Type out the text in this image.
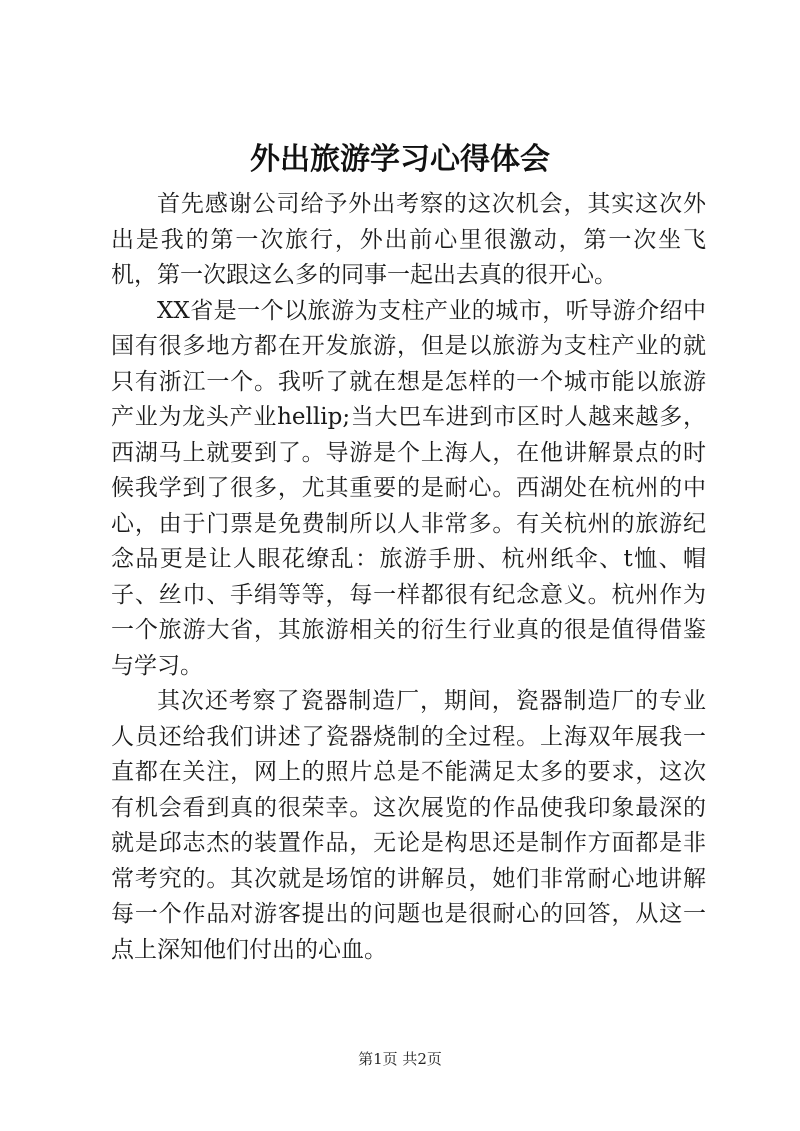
外出旅游学习心得体会

首先感谢公司给予外出考察的这次机会，其实这次外出是我的第一次旅行，外出前心里很激动，第一次坐飞机，第一次跟这么多的同事一起出去真的很开心。

XX省是一个以旅游为支柱产业的城市，听导游介绍中国有很多地方都在开发旅游，但是以旅游为支柱产业的就只有浙江一个。我听了就在想是怎样的一个城市能以旅游产业为龙头产业hellip;当大巴车进到市区时人越来越多，西湖马上就要到了。导游是个上海人，在他讲解景点的时候我学到了很多，尤其重要的是耐心。西湖处在杭州的中心，由于门票是免费制所以人非常多。有关杭州的旅游纪念品更是让人眼花缭乱：旅游手册、杭州纸伞、t恤、帽子、丝巾、手绢等等，每一样都很有纪念意义。杭州作为一个旅游大省，其旅游相关的衍生行业真的很是值得借鉴与学习。

其次还考察了瓷器制造厂，期间，瓷器制造厂的专业人员还给我们讲述了瓷器烧制的全过程。上海双年展我一直都在关注，网上的照片总是不能满足太多的要求，这次有机会看到真的很荣幸。这次展览的作品使我印象最深的就是邱志杰的装置作品，无论是构思还是制作方面都是非常考究的。其次就是场馆的讲解员，她们非常耐心地讲解每一个作品对游客提出的问题也是很耐心的回答，从这一点上深知他们付出的心血。

第1页 共2页
